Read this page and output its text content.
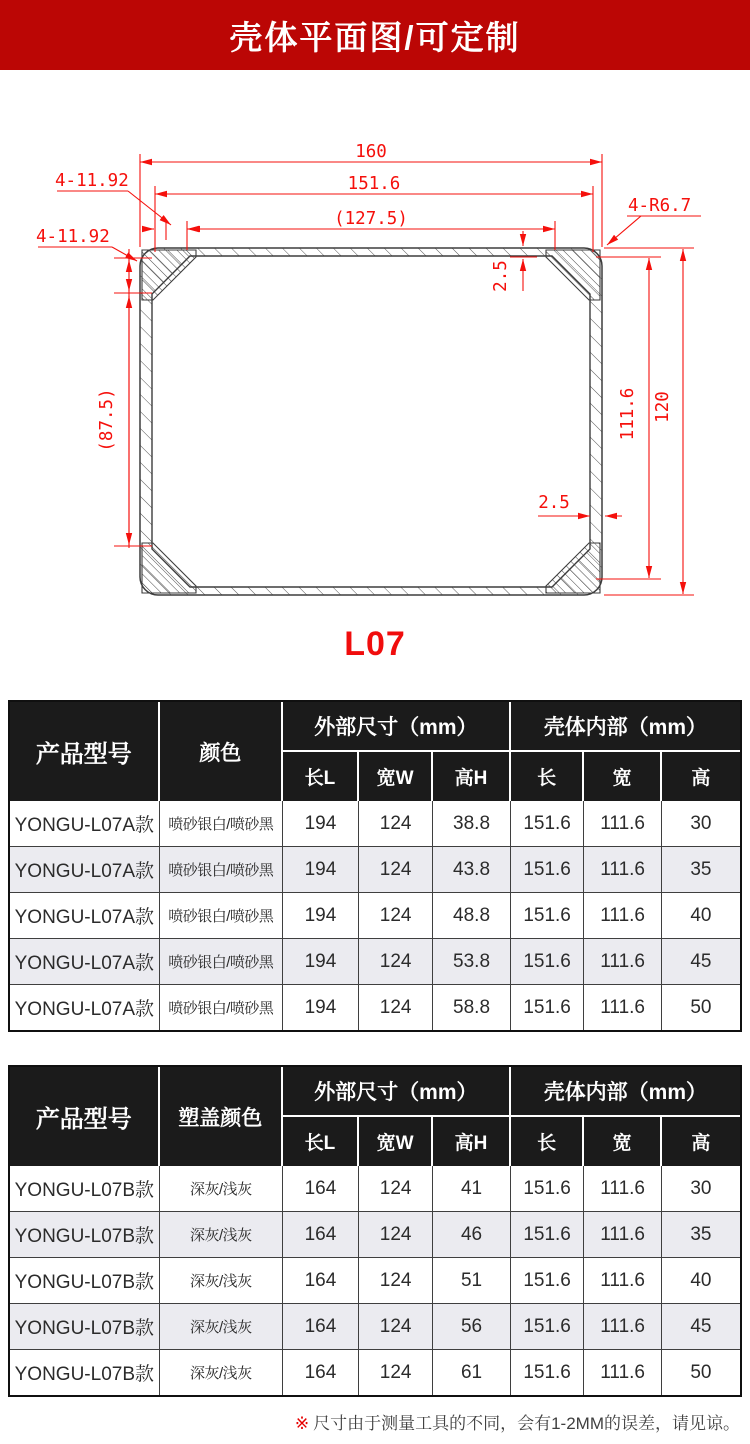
壳体平面图/可定制
160
151.6
(127.5)
4-11.92
4-11.92
4-R6.7
2.5
(87.5)	111.6 120
2.5
L07
产品型号	颜色	外部尺寸（mm）			壳体内部（mm）		
		长L	宽W	高H	长	宽	高
YONGU-L07A款	喷砂银白/喷砂黑	194	124	38.8	151.6	111.6	30
YONGU-L07A款	喷砂银白/喷砂黑	194	124	43.8	151.6	111.6	35
YONGU-L07A款	喷砂银白/喷砂黑	194	124	48.8	151.6	111.6	40
YONGU-L07A款	喷砂银白/喷砂黑	194	124	53.8	151.6	111.6	45
YONGU-L07A款	喷砂银白/喷砂黑	194	124	58.8	151.6	111.6	50
产品型号	塑盖颜色	外部尺寸（mm）			壳体内部（mm）		
		长L	宽W	高H	长	宽	高
YONGU-L07B款	深灰/浅灰	164	124	41	151.6	111.6	30
YONGU-L07B款	深灰/浅灰	164	124	46	151.6	111.6	35
YONGU-L07B款	深灰/浅灰	164	124	51	151.6	111.6	40
YONGU-L07B款	深灰/浅灰	164	124	56	151.6	111.6	45
YONGU-L07B款	深灰/浅灰	164	124	61	151.6	111.6	50
※ 尺寸由于测量工具的不同，会有1-2MM的误差，请见谅。
